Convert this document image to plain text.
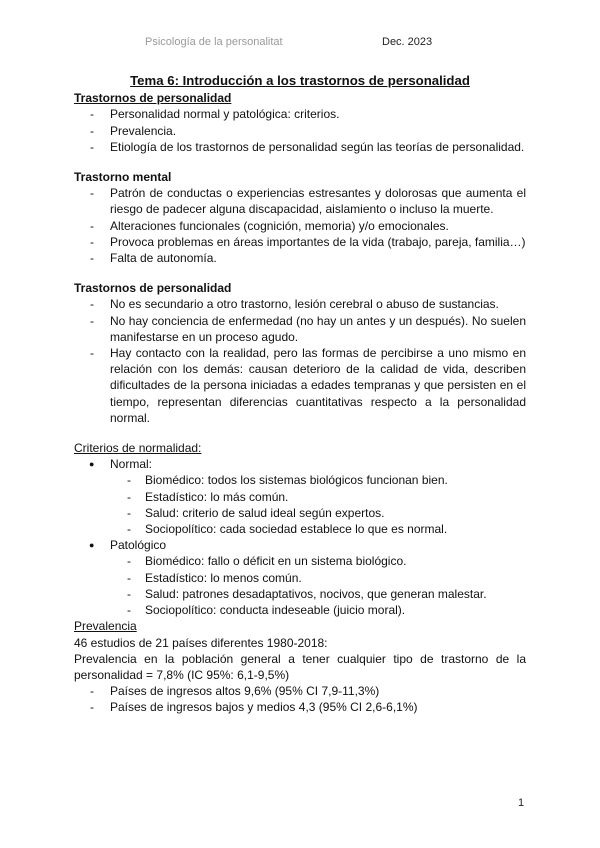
Psicología de la personalitat	Dec. 2023

Tema 6: Introducción a los trastornos de personalidad

Trastornos de personalidad

- Personalidad normal y patológica: criterios.
- Prevalencia.
- Etiología de los trastornos de personalidad según las teorías de personalidad.

Trastorno mental

- Patrón de conductas o experiencias estresantes y dolorosas que aumenta el riesgo de padecer alguna discapacidad, aislamiento o incluso la muerte.
- Alteraciones funcionales (cognición, memoria) y/o emocionales.
- Provoca problemas en áreas importantes de la vida (trabajo, pareja, familia…)
- Falta de autonomía.

Trastornos de personalidad

- No es secundario a otro trastorno, lesión cerebral o abuso de sustancias.
- No hay conciencia de enfermedad (no hay un antes y un después). No suelen manifestarse en un proceso agudo.
- Hay contacto con la realidad, pero las formas de percibirse a uno mismo en relación con los demás: causan deterioro de la calidad de vida, describen dificultades de la persona iniciadas a edades tempranas y que persisten en el tiempo, representan diferencias cuantitativas respecto a la personalidad normal.

Criterios de normalidad:

● Normal:
- Biomédico: todos los sistemas biológicos funcionan bien.
- Estadístico: lo más común.
- Salud: criterio de salud ideal según expertos.
- Sociopolítico: cada sociedad establece lo que es normal.
● Patológico
- Biomédico: fallo o déficit en un sistema biológico.
- Estadístico: lo menos común.
- Salud: patrones desadaptativos, nocivos, que generan malestar.
- Sociopolítico: conducta indeseable (juicio moral).

Prevalencia

46 estudios de 21 países diferentes 1980-2018:

Prevalencia en la población general a tener cualquier tipo de trastorno de la personalidad = 7,8% (IC 95%: 6,1-9,5%)

- Países de ingresos altos 9,6% (95% CI 7,9-11,3%)
- Países de ingresos bajos y medios 4,3 (95% CI 2,6-6,1%)
1
